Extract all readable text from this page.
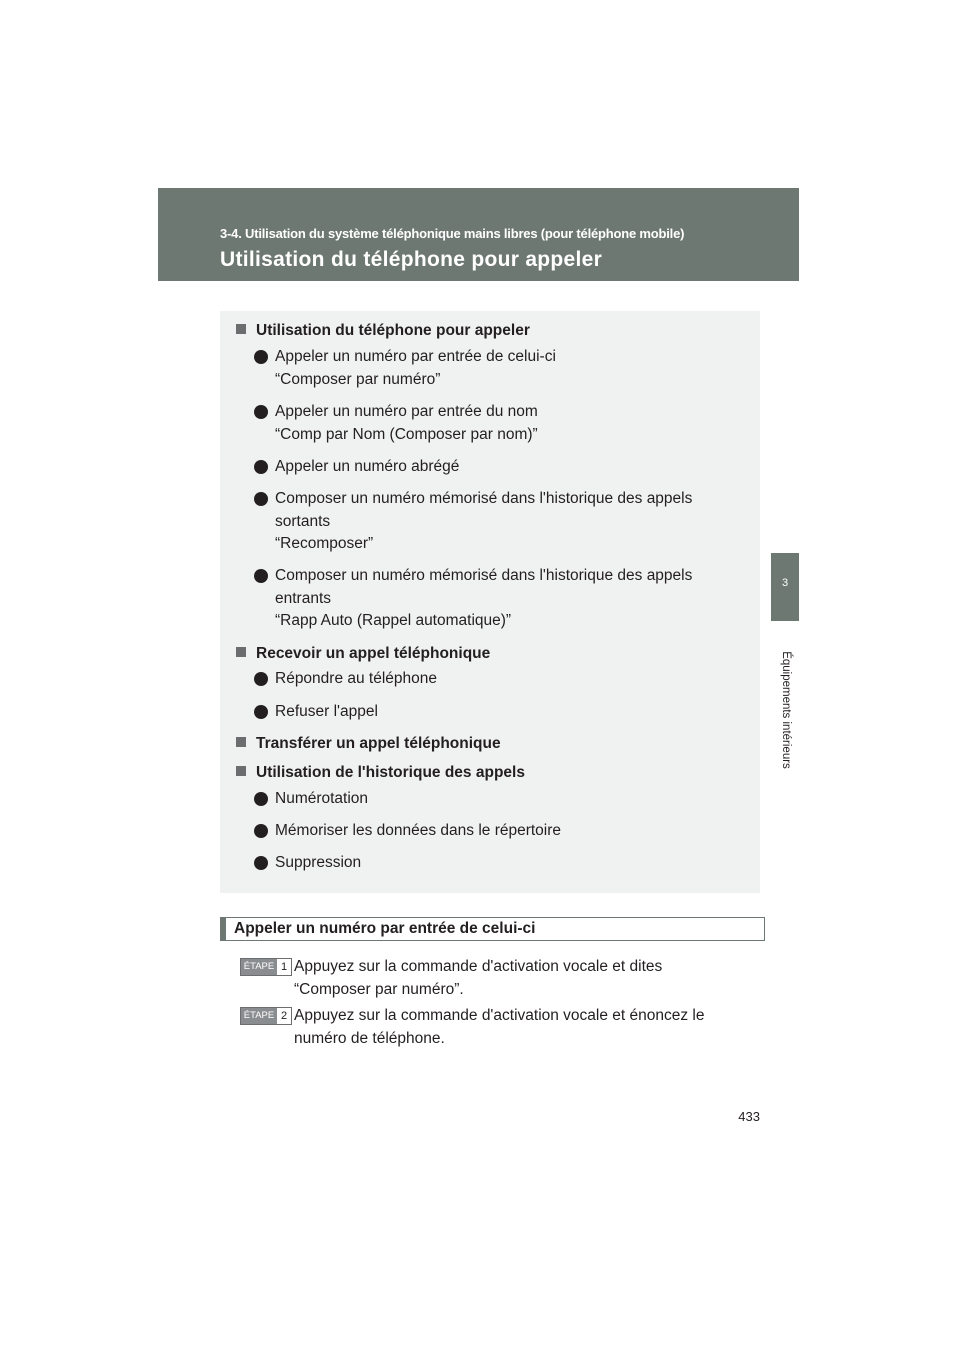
3-4. Utilisation du système téléphonique mains libres (pour téléphone mobile)
Utilisation du téléphone pour appeler
3
Équipements intérieurs
Utilisation du téléphone pour appeler
Appeler un numéro par entrée de celui-ci
“Composer par numéro”
Appeler un numéro par entrée du nom
“Comp par Nom (Composer par nom)”
Appeler un numéro abrégé
Composer un numéro mémorisé dans l'historique des appels
sortants
“Recomposer”
Composer un numéro mémorisé dans l'historique des appels
entrants
“Rapp Auto (Rappel automatique)”
Recevoir un appel téléphonique
Répondre au téléphone
Refuser l'appel
Transférer un appel téléphonique
Utilisation de l'historique des appels
Numérotation
Mémoriser les données dans le répertoire
Suppression
Appeler un numéro par entrée de celui-ci
ÉTAPE 1 Appuyez sur la commande d'activation vocale et dites
“Composer par numéro”.
ÉTAPE 2 Appuyez sur la commande d'activation vocale et énoncez le
numéro de téléphone.
433
